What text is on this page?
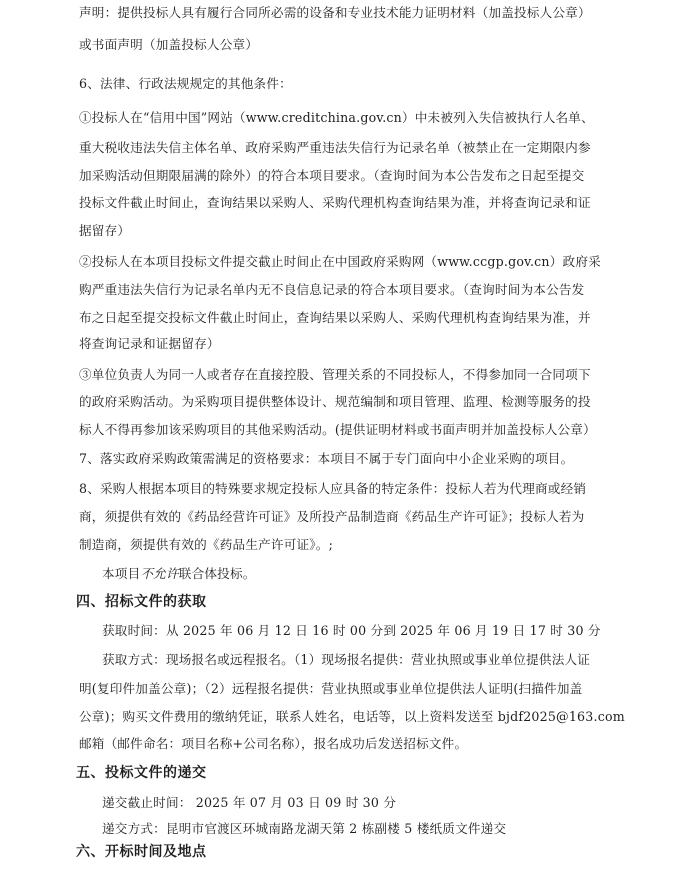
声明：提供投标人具有履行合同所必需的设备和专业技术能力证明材料（加盖投标人公章）
或书面声明（加盖投标人公章）
6、法律、行政法规规定的其他条件：
①投标人在“信用中国”网站（www.creditchina.gov.cn）中未被列入失信被执行人名单、
重大税收违法失信主体名单、政府采购严重违法失信行为记录名单（被禁止在一定期限内参
加采购活动但期限届满的除外）的符合本项目要求。（查询时间为本公告发布之日起至提交
投标文件截止时间止，查询结果以采购人、采购代理机构查询结果为准，并将查询记录和证
据留存）
②投标人在本项目投标文件提交截止时间止在中国政府采购网（www.ccgp.gov.cn）政府采
购严重违法失信行为记录名单内无不良信息记录的符合本项目要求。（查询时间为本公告发
布之日起至提交投标文件截止时间止，查询结果以采购人、采购代理机构查询结果为准，并
将查询记录和证据留存）
③单位负责人为同一人或者存在直接控股、管理关系的不同投标人，不得参加同一合同项下
的政府采购活动。为采购项目提供整体设计、规范编制和项目管理、监理、检测等服务的投
标人不得再参加该采购项目的其他采购活动。(提供证明材料或书面声明并加盖投标人公章）
7、落实政府采购政策需满足的资格要求：本项目不属于专门面向中小企业采购的项目。
8、采购人根据本项目的特殊要求规定投标人应具备的特定条件：投标人若为代理商或经销
商，须提供有效的《药品经营许可证》及所投产品制造商《药品生产许可证》；投标人若为
制造商，须提供有效的《药品生产许可证》。;
本项目不允许联合体投标。
四、招标文件的获取
获取时间：从 2025 年 06 月 12 日 16 时 00 分到 2025 年 06 月 19 日 17 时 30 分
获取方式：现场报名或远程报名。（1）现场报名提供：营业执照或事业单位提供法人证
明(复印件加盖公章)；（2）远程报名提供：营业执照或事业单位提供法人证明(扫描件加盖
公章)；购买文件费用的缴纳凭证，联系人姓名，电话等，以上资料发送至 bjdf2025@163.com
邮箱（邮件命名：项目名称+公司名称），报名成功后发送招标文件。
五、投标文件的递交
递交截止时间： 2025 年 07 月 03 日 09 时 30 分
递交方式：昆明市官渡区环城南路龙湖天第 2 栋副楼 5 楼纸质文件递交
六、开标时间及地点
